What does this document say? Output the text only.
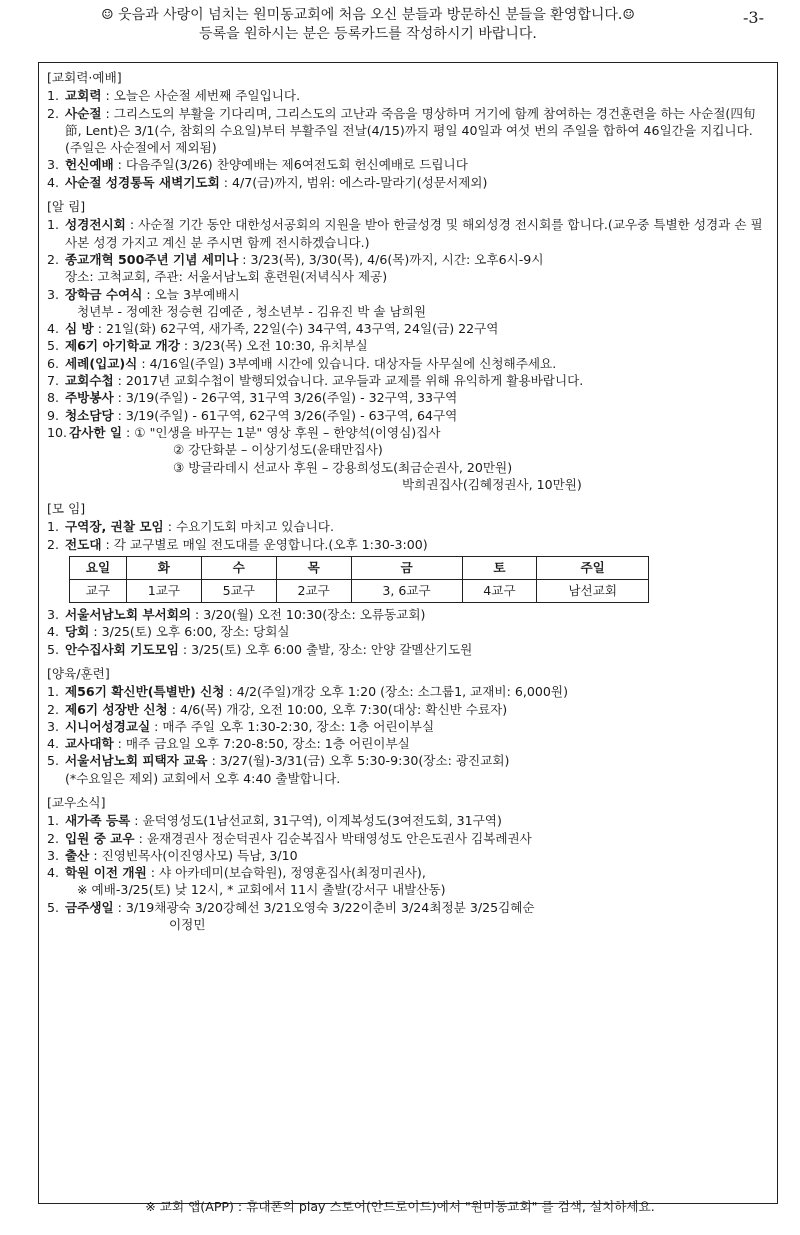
☺ 웃음과 사랑이 넘치는 원미동교회에 처음 오신 분들과 방문하신 분들을 환영합니다.☺
등록을 원하시는 분은 등록카드를 작성하시기 바랍니다.
-3-
[교회력·예배]
1. 교회력 : 오늘은 사순절 세번째 주일입니다.
2. 사순절 : 그리스도의 부활을 기다리며, 그리스도의 고난과 죽음을 명상하며 거기에 함께 참여하는 경건훈련을 하는 사순절(四旬節, Lent)은 3/1(수, 참회의 수요일)부터 부활주일 전날(4/15)까지 평일 40일과 여섯 번의 주일을 합하여 46일간을 지킵니다.(주일은 사순절에서 제외됨)
3. 헌신예배 : 다음주일(3/26) 찬양예배는 제6여전도회 헌신예배로 드립니다
4. 사순절 성경통독 새벽기도회 : 4/7(금)까지, 범위: 에스라-말라기(성문서제외)
[알 림]
1. 성경전시회 : 사순절 기간 동안 대한성서공회의 지원을 받아 한글성경 및 해외성경 전시회를 합니다.(교우중 특별한 성경과 손 필사본 성경 가지고 계신 분 주시면 함께 전시하겠습니다.)
2. 종교개혁 500주년 기념 세미나 : 3/23(목), 3/30(목), 4/6(목)까지, 시간: 오후6시-9시
장소: 고척교회, 주관: 서울서남노회 훈련원(저녁식사 제공)
3. 장학금 수여식 : 오늘 3부예배시
청년부 - 정예찬 정승현 김예준 , 청소년부 - 김유진 박 솔 남희원
4. 심 방 : 21일(화) 62구역, 새가족, 22일(수) 34구역, 43구역, 24일(금) 22구역
5. 제6기 아기학교 개강 : 3/23(목) 오전 10:30, 유치부실
6. 세례(입교)식 : 4/16일(주일) 3부예배 시간에 있습니다. 대상자들 사무실에 신청해주세요.
7. 교회수첩 : 2017년 교회수첩이 발행되었습니다. 교우들과 교제를 위해 유익하게 활용바랍니다.
8. 주방봉사 : 3/19(주일) - 26구역, 31구역 3/26(주일) - 32구역, 33구역
9. 청소담당 : 3/19(주일) - 61구역, 62구역 3/26(주일) - 63구역, 64구역
10. 감사한 일 : ① "인생을 바꾸는 1분" 영상 후원 – 한양석(이영심)집사
② 강단화분 – 이상기성도(윤태만집사)
③ 방글라데시 선교사 후원 – 강용희성도(최금순권사, 20만원)
박희권집사(김혜정권사, 10만원)
[모 임]
1. 구역장, 권찰 모임 : 수요기도회 마치고 있습니다.
2. 전도대 : 각 교구별로 매일 전도대를 운영합니다.(오후 1:30-3:00)
요일	화	수	목	금	토	주일
교구	1교구	5교구	2교구	3, 6교구	4교구	남선교회
3. 서울서남노회 부서회의 : 3/20(월) 오전 10:30(장소: 오류동교회)
4. 당회 : 3/25(토) 오후 6:00, 장소: 당회실
5. 안수집사회 기도모임 : 3/25(토) 오후 6:00 출발, 장소: 안양 갈멜산기도원
[양육/훈련]
1. 제56기 확신반(특별반) 신청 : 4/2(주일)개강 오후 1:20 (장소: 소그룹1, 교재비: 6,000원)
2. 제6기 성장반 신청 : 4/6(목) 개강, 오전 10:00, 오후 7:30(대상: 확신반 수료자)
3. 시니어성경교실 : 매주 주일 오후 1:30-2:30, 장소: 1층 어린이부실
4. 교사대학 : 매주 금요일 오후 7:20-8:50, 장소: 1층 어린이부실
5. 서울서남노회 피택자 교육 : 3/27(월)-3/31(금) 오후 5:30-9:30(장소: 광진교회)
(*수요일은 제외) 교회에서 오후 4:40 출발합니다.
[교우소식]
1. 새가족 등록 : 윤덕영성도(1남선교회, 31구역), 이계복성도(3여전도회, 31구역)
2. 입원 중 교우 : 윤재경권사 정순덕권사 김순복집사 박태영성도 안은도권사 김복례권사
3. 출산 : 진영빈목사(이진영사모) 득남, 3/10
4. 학원 이전 개원 : 샤 아카데미(보습학원), 정영훈집사(최정미권사),
※ 예배-3/25(토) 낮 12시, * 교회에서 11시 출발(강서구 내발산동)
5. 금주생일 : 3/19채광숙 3/20강혜선 3/21오영숙 3/22이춘비 3/24최정분 3/25김혜순
이정민
※ 교회 앱(APP) : 휴대폰의 play 스토어(안드로이드)에서 "원미동교회" 를 검색, 설치하세요.
